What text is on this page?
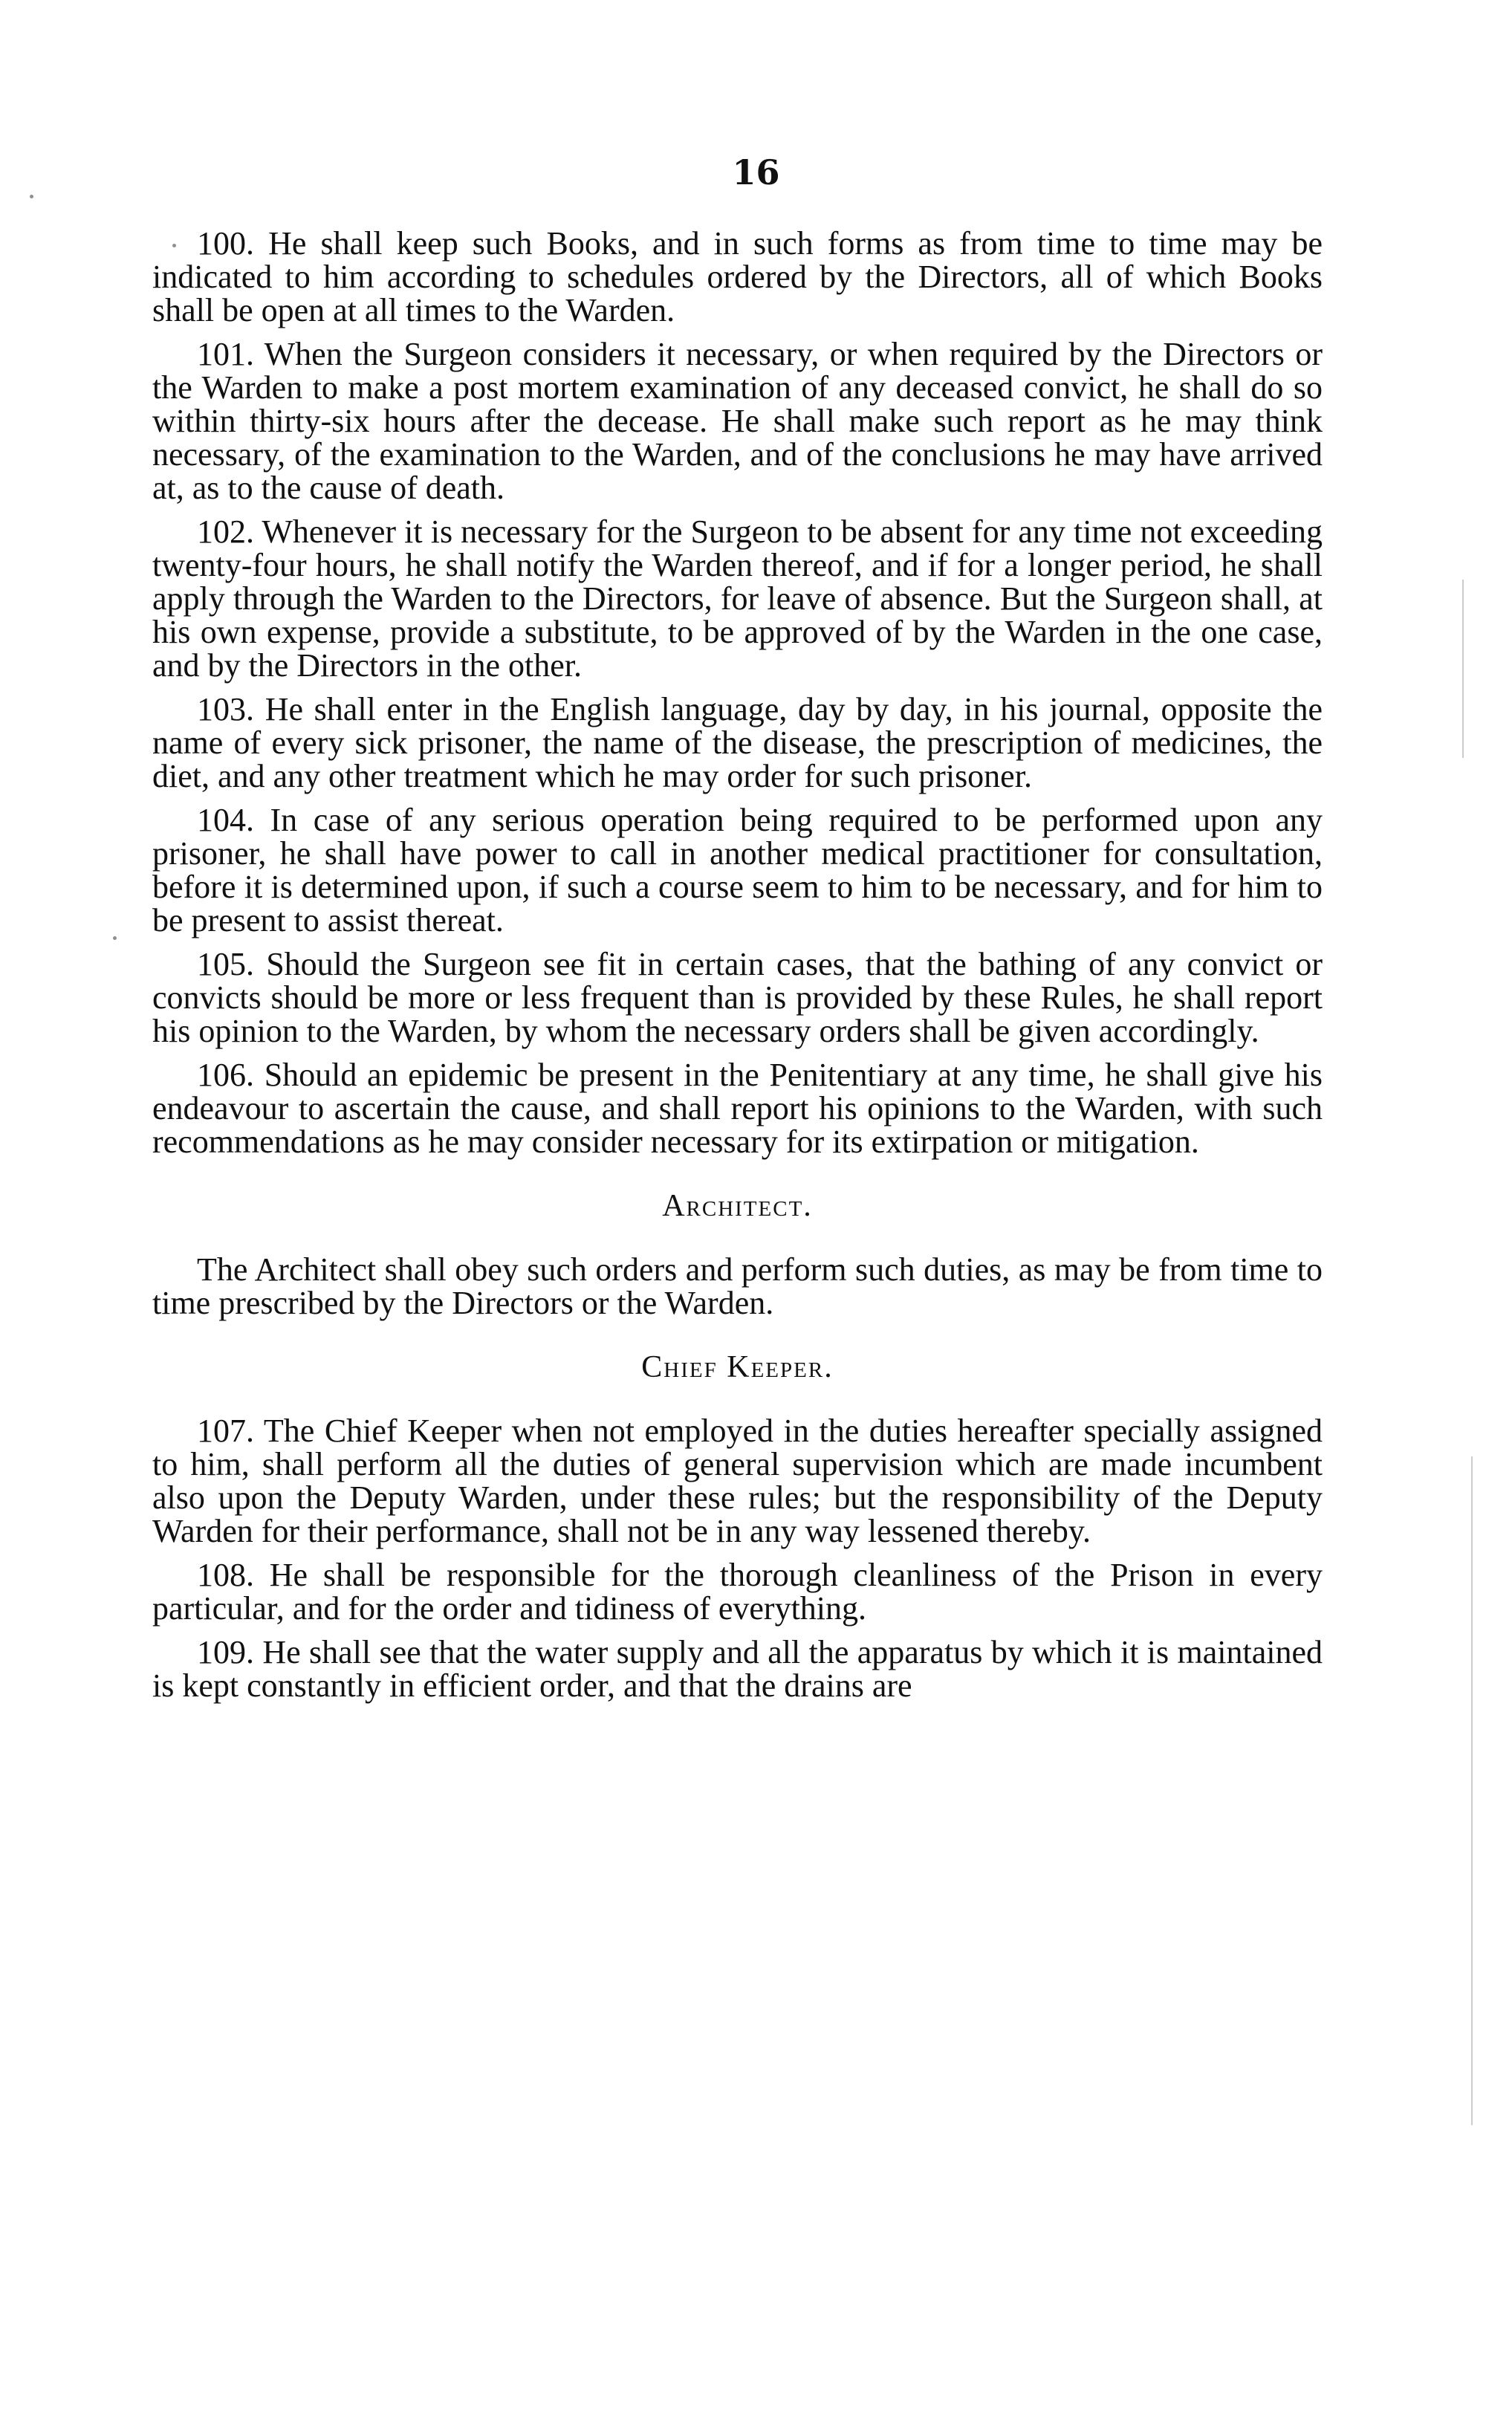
16

100. He shall keep such Books, and in such forms as from time to time may be indicated to him according to schedules ordered by the Directors, all of which Books shall be open at all times to the Warden.

101. When the Surgeon considers it necessary, or when required by the Directors or the Warden to make a post mortem examination of any deceased convict, he shall do so within thirty-six hours after the decease. He shall make such report as he may think necessary, of the examination to the Warden, and of the conclusions he may have arrived at, as to the cause of death.

102. Whenever it is necessary for the Surgeon to be absent for any time not exceeding twenty-four hours, he shall notify the Warden thereof, and if for a longer period, he shall apply through the Warden to the Directors, for leave of absence. But the Surgeon shall, at his own expense, provide a substitute, to be approved of by the Warden in the one case, and by the Directors in the other.

103. He shall enter in the English language, day by day, in his journal, opposite the name of every sick prisoner, the name of the disease, the prescription of medicines, the diet, and any other treatment which he may order for such prisoner.

104. In case of any serious operation being required to be performed upon any prisoner, he shall have power to call in another medical practitioner for consultation, before it is determined upon, if such a course seem to him to be necessary, and for him to be present to assist thereat.

105. Should the Surgeon see fit in certain cases, that the bathing of any convict or convicts should be more or less frequent than is provided by these Rules, he shall report his opinion to the Warden, by whom the necessary orders shall be given accordingly.

106. Should an epidemic be present in the Penitentiary at any time, he shall give his endeavour to ascertain the cause, and shall report his opinions to the Warden, with such recommendations as he may consider necessary for its extirpation or mitigation.

Architect.

The Architect shall obey such orders and perform such duties, as may be from time to time prescribed by the Directors or the Warden.

Chief Keeper.

107. The Chief Keeper when not employed in the duties hereafter specially assigned to him, shall perform all the duties of general supervision which are made incumbent also upon the Deputy Warden, under these rules; but the responsibility of the Deputy Warden for their performance, shall not be in any way lessened thereby.

108. He shall be responsible for the thorough cleanliness of the Prison in every particular, and for the order and tidiness of everything.

109. He shall see that the water supply and all the apparatus by which it is maintained is kept constantly in efficient order, and that the drains are
